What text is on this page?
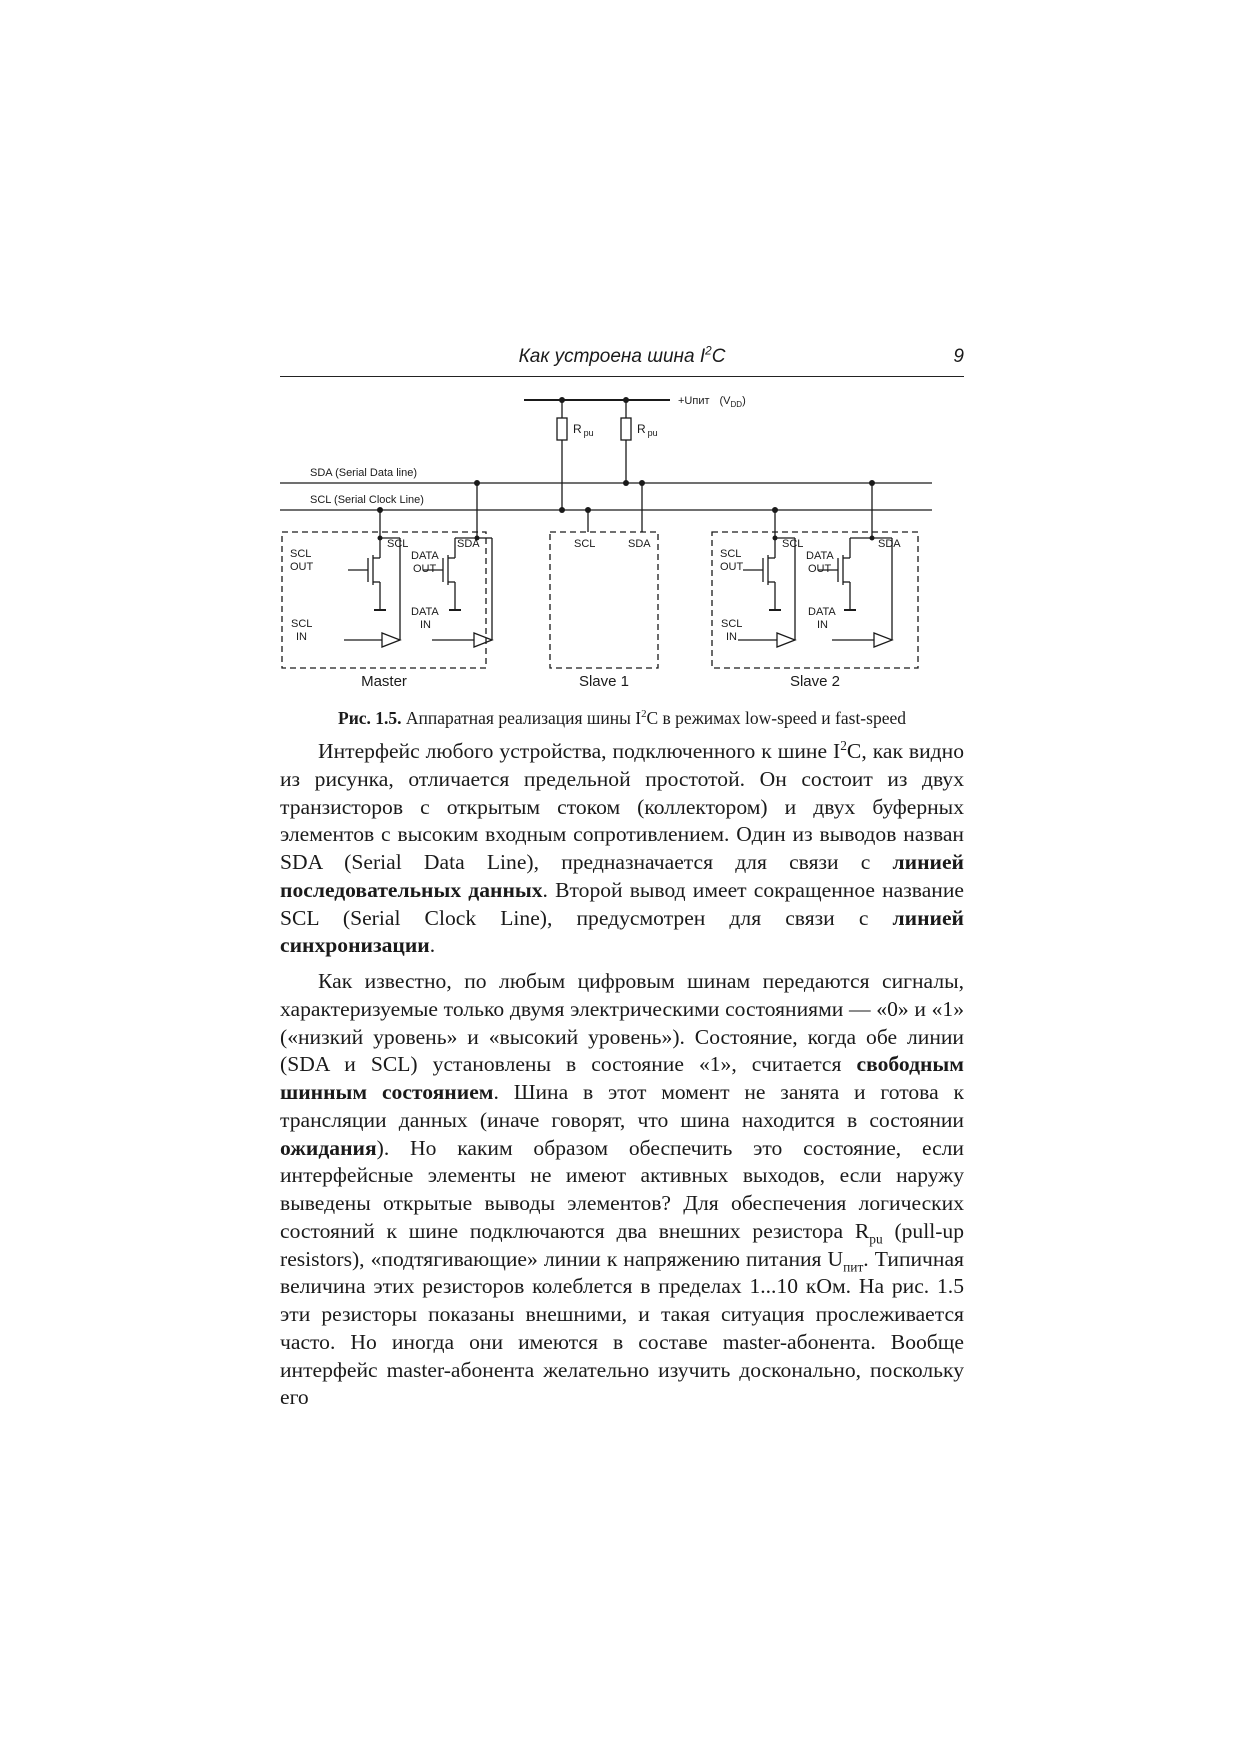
Как устроена шина $I^2C$	9
+Uпит $(V_{DD})$
R $_{pu}$	R $_{pu}$
SDA (Serial Data line)
SCL (Serial Clock Line)
SCL	SDA
SCL
OUT
DATA
OUT
SCL
IN
DATA
IN
SCL	SDA	SCL	SDA
SCL
OUT
DATA
OUT
SCL
IN
DATA
IN
Master	Slave 1	Slave 2
Рис. 1.5. Аппаратная реализация шины $I^2C$ в режимах low-speed и fast-speed

Интерфейс любого устройства, подключенного к шине $I^2C$, как видно из рисунка, отличается предельной простотой. Он состоит из двух транзисторов с открытым стоком (коллектором) и двух буферных элементов с высоким входным сопротивлением. Один из выводов назван SDA (Serial Data Line), предназначается для связи с линией последовательных данных. Второй вывод имеет сокращенное название SCL (Serial Clock Line), предусмотрен для связи с линией синхронизации.

Как известно, по любым цифровым шинам передаются сигналы, характеризуемые только двумя электрическими состояниями — «0» и «1» («низкий уровень» и «высокий уровень»). Состояние, когда обе линии (SDA и SCL) установлены в состояние «1», считается свободным шинным состоянием. Шина в этот момент не занята и готова к трансляции данных (иначе говорят, что шина находится в состоянии ожидания). Но каким образом обеспечить это состояние, если интерфейсные элементы не имеют активных выходов, если наружу выведены открытые выводы элементов? Для обеспечения логических состояний к шине подключаются два внешних резистора $R_{pu}$ (pull-up resistors), «подтягивающие» линии к напряжению питания $U_{пит}$. Типичная величина этих резисторов колеблется в пределах 1...10 кОм. На рис. 1.5 эти резисторы показаны внешними, и такая ситуация прослеживается часто. Но иногда они имеются в составе master-абонента. Вообще интерфейс master-абонента желательно изучить досконально, поскольку его
